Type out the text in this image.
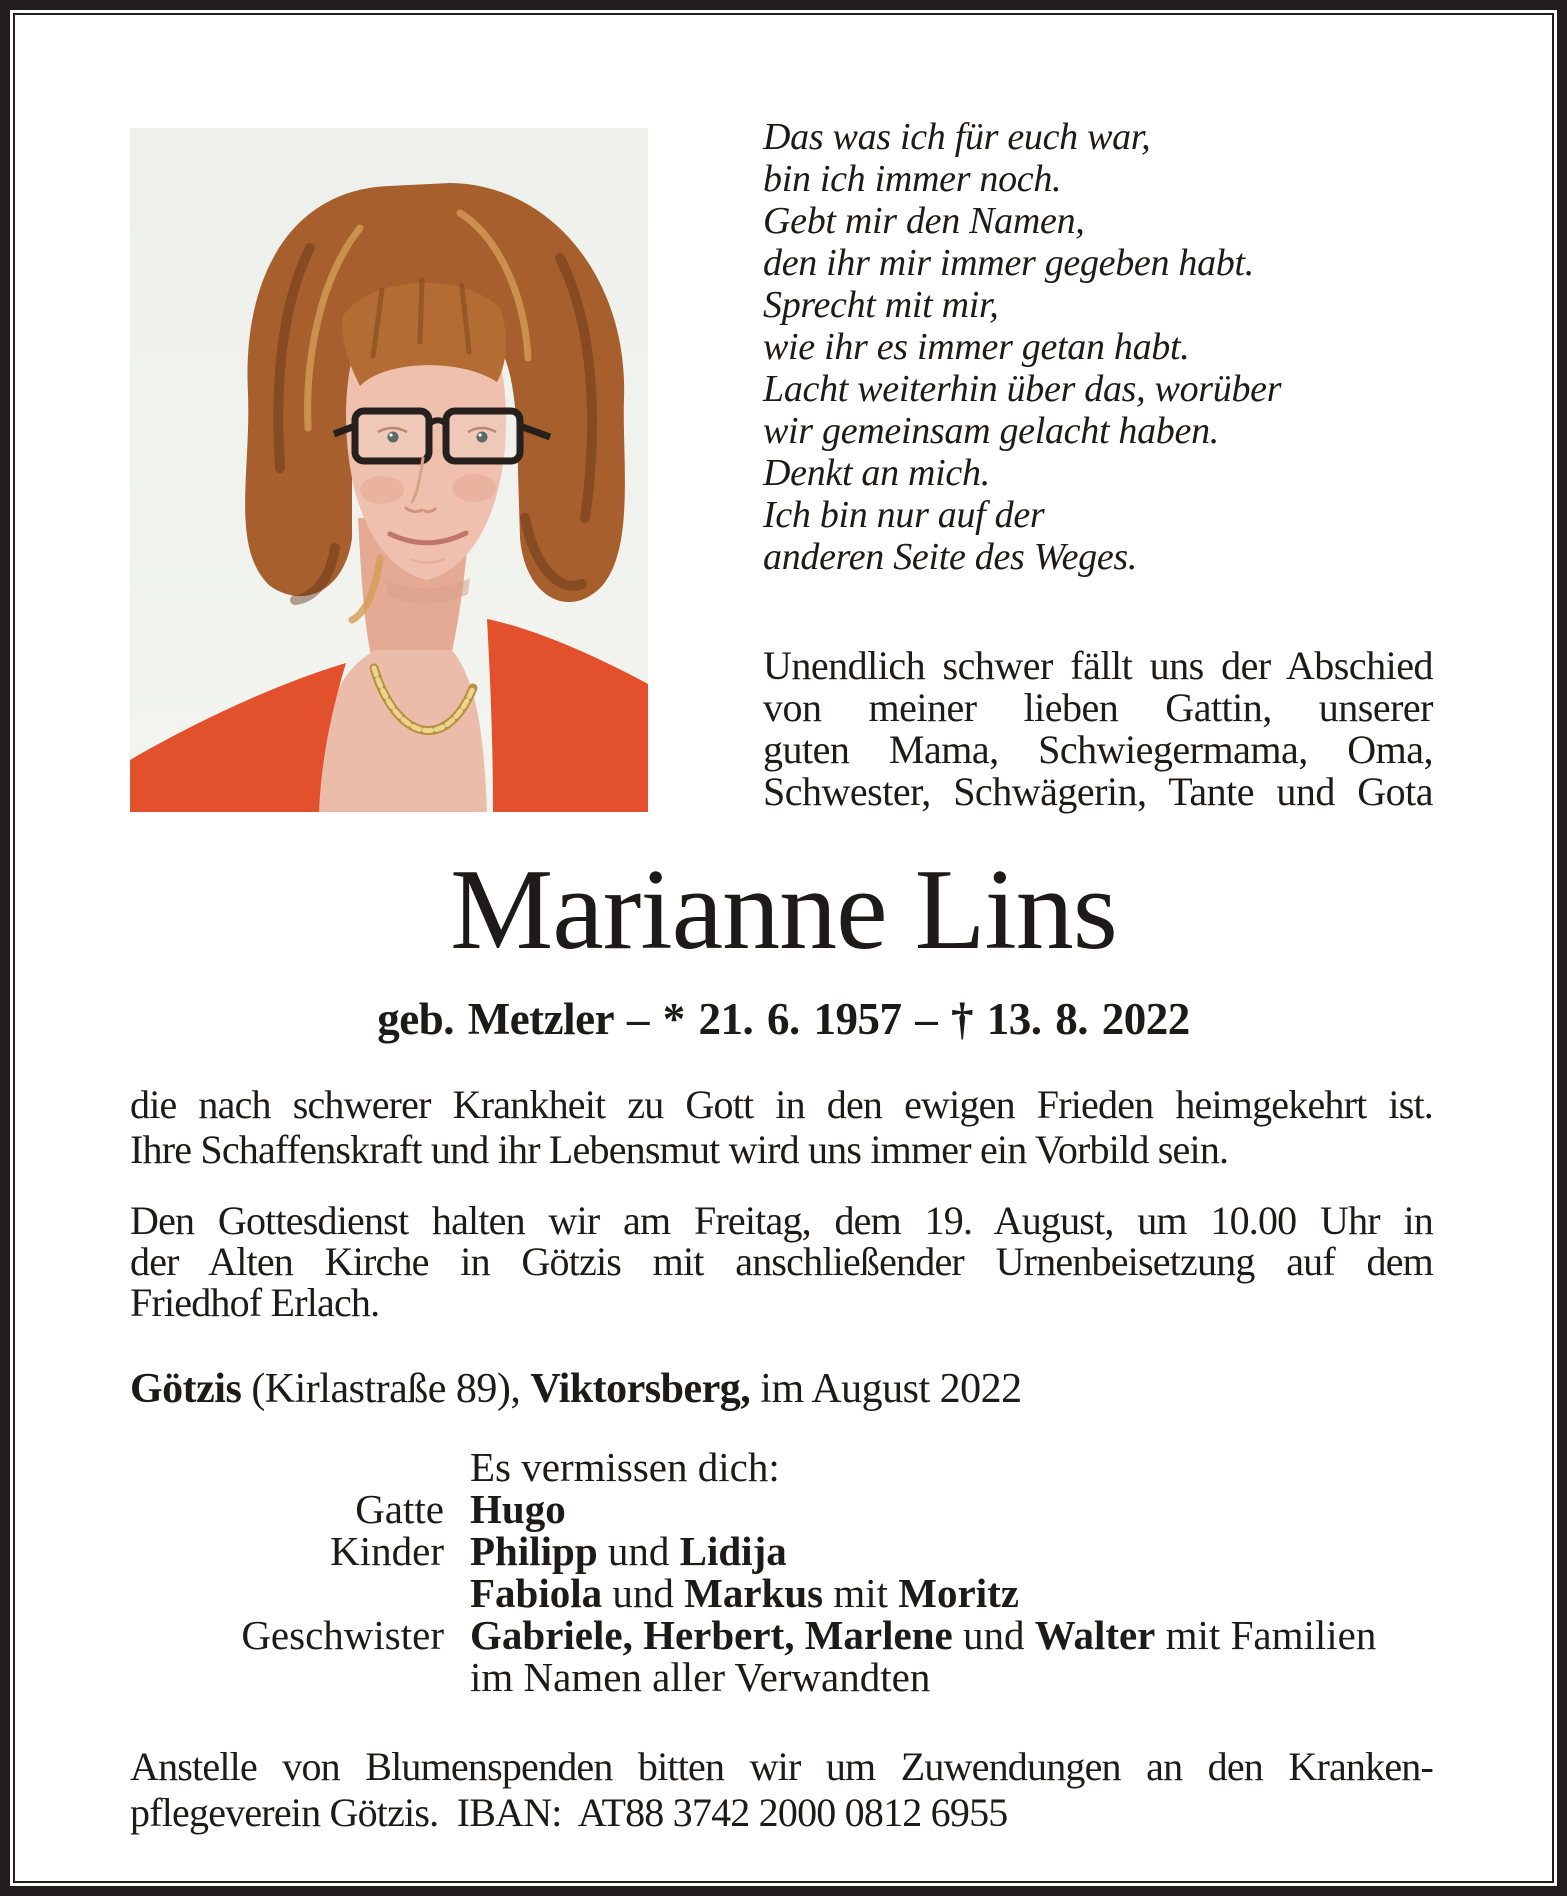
Das was ich für euch war,
bin ich immer noch.
Gebt mir den Namen,
den ihr mir immer gegeben habt.
Sprecht mit mir,
wie ihr es immer getan habt.
Lacht weiterhin über das, worüber
wir gemeinsam gelacht haben.
Denkt an mich.
Ich bin nur auf der
anderen Seite des Weges.
Unendlich schwer fällt uns der Abschied
von meiner lieben Gattin, unserer
guten Mama, Schwiegermama, Oma,
Schwester, Schwägerin, Tante und Gota
Marianne Lins
geb. Metzler – * 21. 6. 1957 – † 13. 8. 2022
die nach schwerer Krankheit zu Gott in den ewigen Frieden heimgekehrt ist.
Ihre Schaffenskraft und ihr Lebensmut wird uns immer ein Vorbild sein.
Den Gottesdienst halten wir am Freitag, dem 19. August, um 10.00 Uhr in
der Alten Kirche in Götzis mit anschließender Urnenbeisetzung auf dem
Friedhof Erlach.
Götzis (Kirlastraße 89), Viktorsberg, im August 2022
Es vermissen dich:
Gatte Hugo
Kinder Philipp und Lidija
Fabiola und Markus mit Moritz
Geschwister Gabriele, Herbert, Marlene und Walter mit Familien
im Namen aller Verwandten
Anstelle von Blumenspenden bitten wir um Zuwendungen an den Kranken-
pflegeverein Götzis.  IBAN:  AT88 3742 2000 0812 6955
